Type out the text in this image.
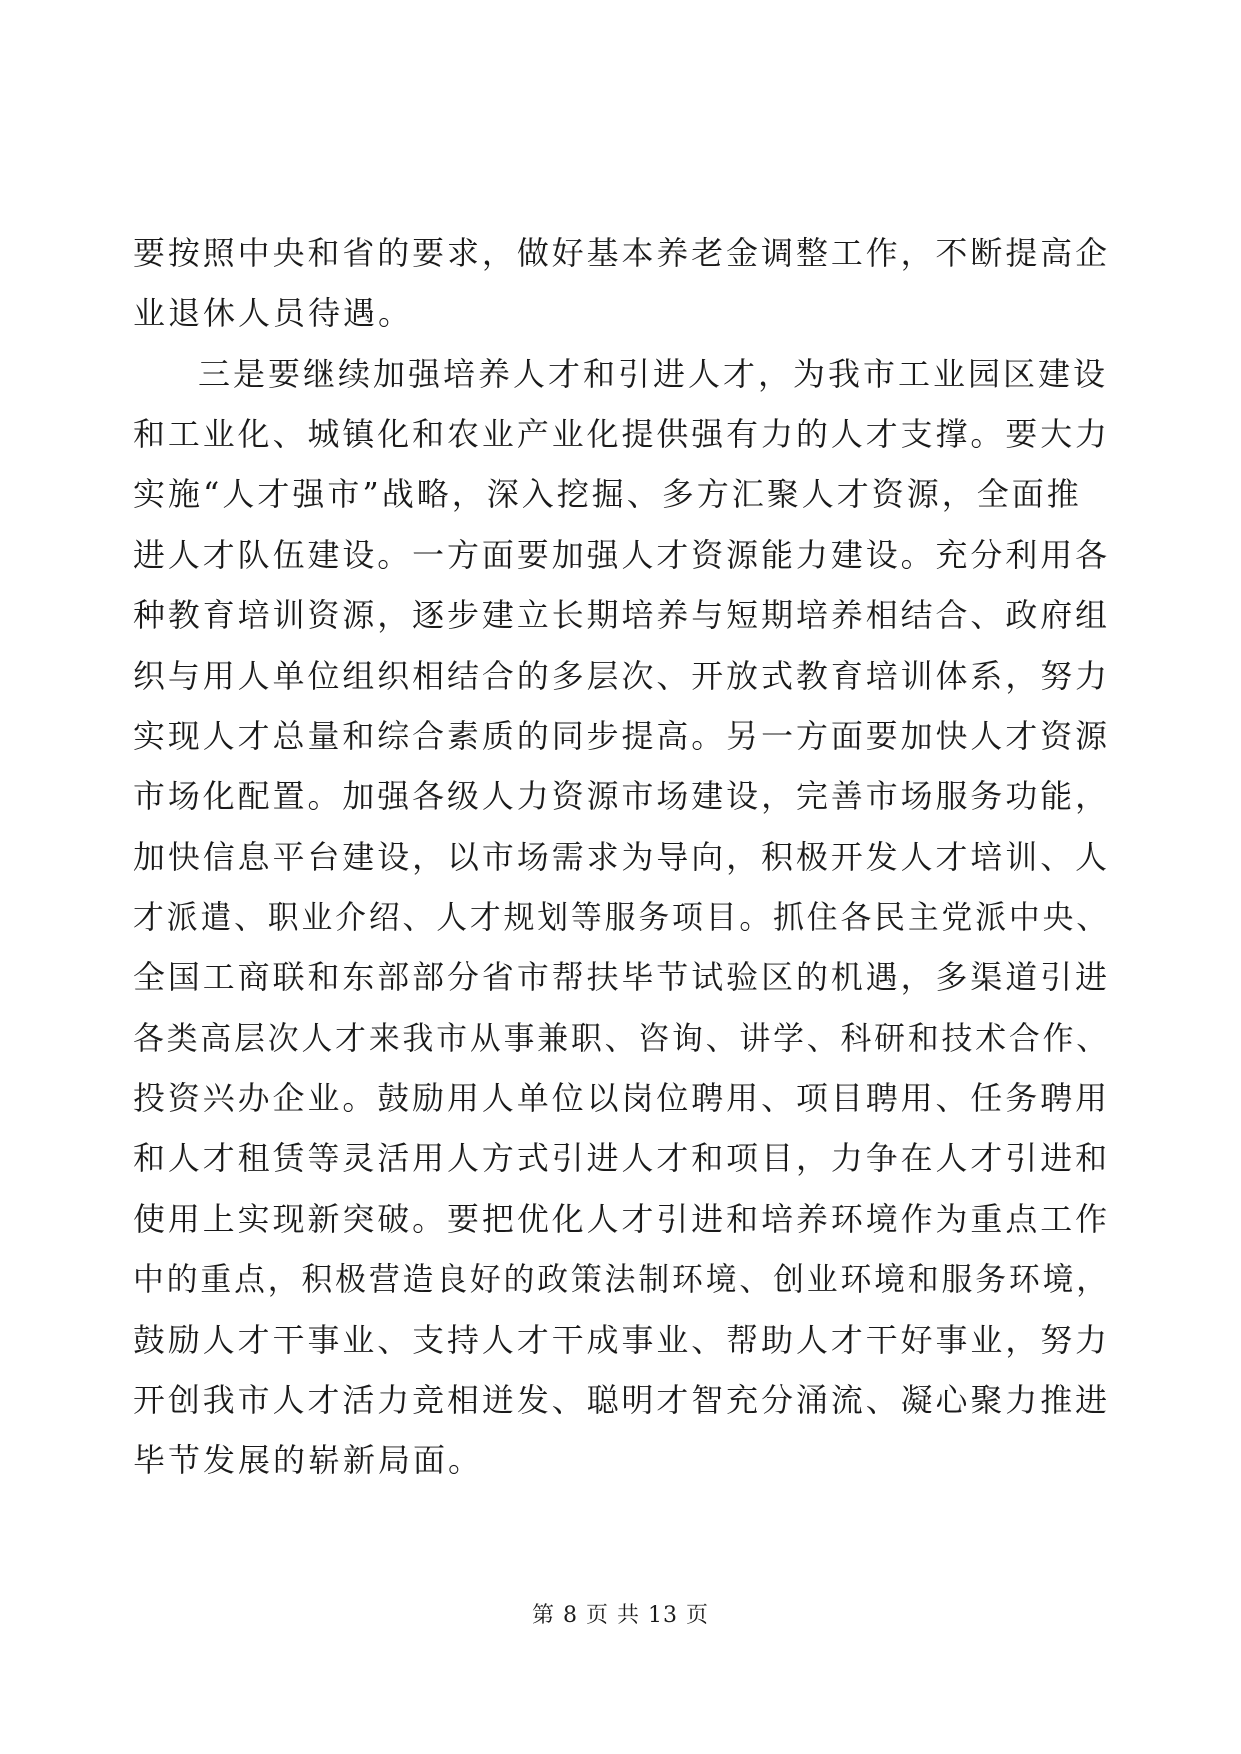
要按照中央和省的要求，做好基本养老金调整工作，不断提高企
业退休人员待遇。
三是要继续加强培养人才和引进人才，为我市工业园区建设
和工业化、城镇化和农业产业化提供强有力的人才支撑。要大力
实施“人才强市”战略，深入挖掘、多方汇聚人才资源，全面推
进人才队伍建设。一方面要加强人才资源能力建设。充分利用各
种教育培训资源，逐步建立长期培养与短期培养相结合、政府组
织与用人单位组织相结合的多层次、开放式教育培训体系，努力
实现人才总量和综合素质的同步提高。另一方面要加快人才资源
市场化配置。加强各级人力资源市场建设，完善市场服务功能，
加快信息平台建设，以市场需求为导向，积极开发人才培训、人
才派遣、职业介绍、人才规划等服务项目。抓住各民主党派中央、
全国工商联和东部部分省市帮扶毕节试验区的机遇，多渠道引进
各类高层次人才来我市从事兼职、咨询、讲学、科研和技术合作、
投资兴办企业。鼓励用人单位以岗位聘用、项目聘用、任务聘用
和人才租赁等灵活用人方式引进人才和项目，力争在人才引进和
使用上实现新突破。要把优化人才引进和培养环境作为重点工作
中的重点，积极营造良好的政策法制环境、创业环境和服务环境，
鼓励人才干事业、支持人才干成事业、帮助人才干好事业，努力
开创我市人才活力竞相迸发、聪明才智充分涌流、凝心聚力推进
毕节发展的崭新局面。
第 8 页 共 13 页
